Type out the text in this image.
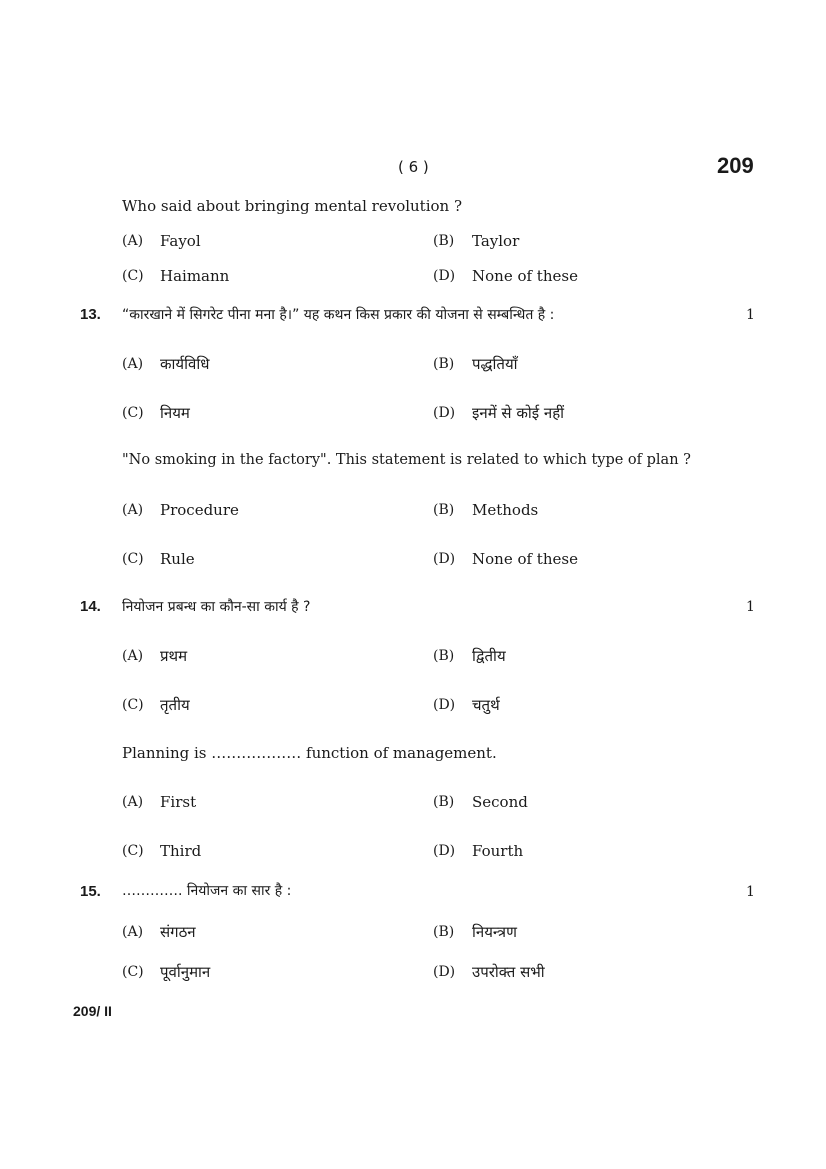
( 6 )	209
Who said about bringing mental revolution ?
(A) Fayol	(B) Taylor
(C) Haimann	(D) None of these
13. “कारखाने में सिगरेट पीना मना है।” यह कथन किस प्रकार की योजना से सम्बन्धित है :	1
(A) कार्यविधि	(B) पद्धतियाँ
(C) नियम	(D) इनमें से कोई नहीं
"No smoking in the factory". This statement is related to which type of plan ?
(A) Procedure	(B) Methods
(C) Rule	(D) None of these
14. नियोजन प्रबन्ध का कौन-सा कार्य है ?	1
(A) प्रथम	(B) द्वितीय
(C) तृतीय	(D) चतुर्थ
Planning is ……………… function of management.
(A) First	(B) Second
(C) Third	(D) Fourth
15. …………. नियोजन का सार है :	1
(A) संगठन	(B) नियन्त्रण
(C) पूर्वानुमान	(D) उपरोक्त सभी
209/ II
